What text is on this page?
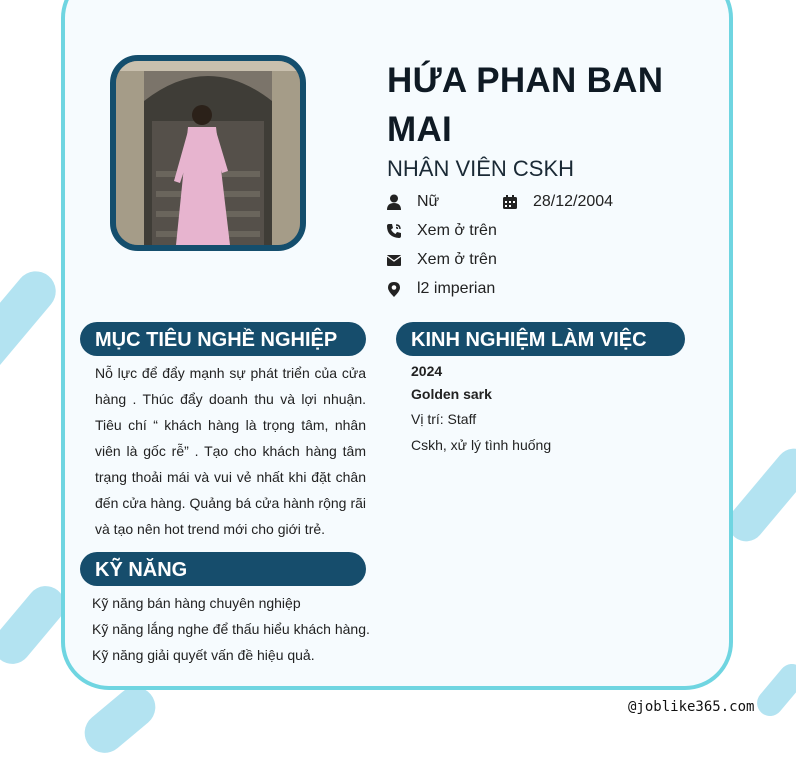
HỨA PHAN BAN MAI
NHÂN VIÊN CSKH
Nữ	28/12/2004
Xem ở trên
Xem ở trên
l2 imperian
MỤC TIÊU NGHỀ NGHIỆP
Nỗ lực để đẩy mạnh sự phát triển của cửa hàng . Thúc đẩy doanh thu và lợi nhuận. Tiêu chí “ khách hàng là trọng tâm, nhân viên là gốc rễ” . Tạo cho khách hàng tâm trạng thoải mái và vui vẻ nhất khi đặt chân đến cửa hàng. Quảng bá cửa hành rộng rãi và tạo nên hot trend mới cho giới trẻ.
KỸ NĂNG
Kỹ năng bán hàng chuyên nghiệp
Kỹ năng lắng nghe để thấu hiểu khách hàng.
Kỹ năng giải quyết vấn đề hiệu quả.
KINH NGHIỆM LÀM VIỆC
2024
Golden sark
Vị trí: Staff
Cskh, xử lý tình huống
@joblike365.com
